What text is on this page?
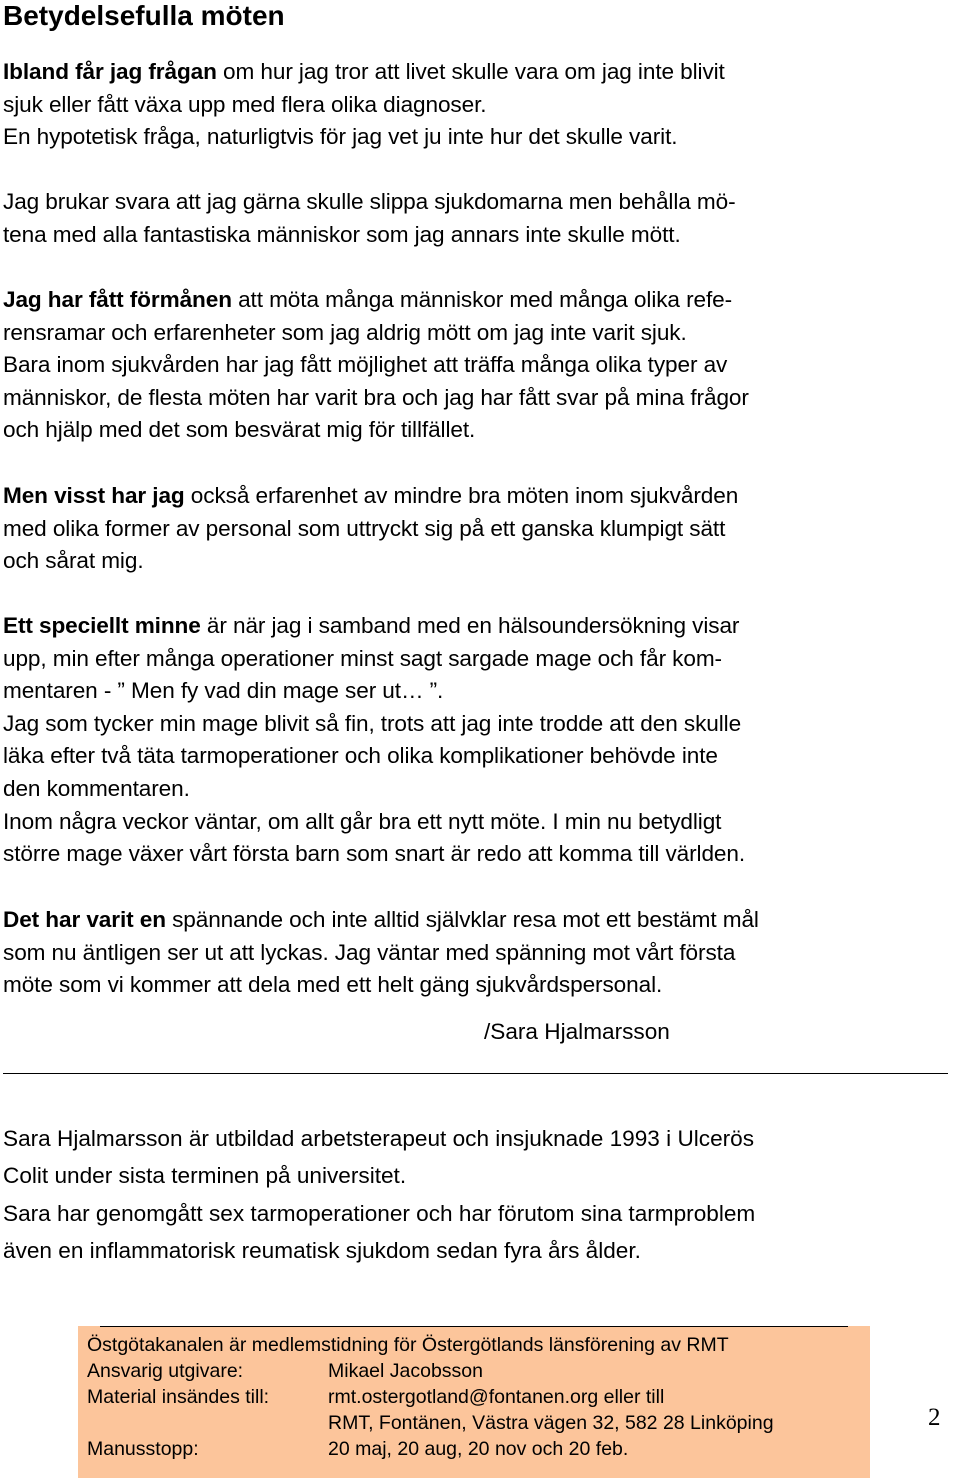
Betydelsefulla möten
Ibland får jag frågan om hur jag tror att livet skulle vara om jag inte blivit
sjuk eller fått växa upp med flera olika diagnoser.
En hypotetisk fråga, naturligtvis för jag vet ju inte hur det skulle varit.
Jag brukar svara att jag gärna skulle slippa sjukdomarna men behålla mö-
tena med alla fantastiska människor som jag annars inte skulle mött.
Jag har fått förmånen att möta många människor med många olika refe-
rensramar och erfarenheter som jag aldrig mött om jag inte varit sjuk.
Bara inom sjukvården har jag fått möjlighet att träffa många olika typer av
människor, de flesta möten har varit bra och jag har fått svar på mina frågor
och hjälp med det som besvärat mig för tillfället.
Men visst har jag också erfarenhet av mindre bra möten inom sjukvården
med olika former av personal som uttryckt sig på ett ganska klumpigt sätt
och sårat mig.
Ett speciellt minne är när jag i samband med en hälsoundersökning visar
upp, min efter många operationer minst sagt sargade mage och får kom-
mentaren - ” Men fy vad din mage ser ut… ”.
Jag som tycker min mage blivit så fin, trots att jag inte trodde att den skulle
läka efter två täta tarmoperationer och olika komplikationer behövde inte
den kommentaren.
Inom några veckor väntar, om allt går bra ett nytt möte. I min nu betydligt
större mage växer vårt första barn som snart är redo att komma till världen.
Det har varit en spännande och inte alltid självklar resa mot ett bestämt mål
som nu äntligen ser ut att lyckas. Jag väntar med spänning mot vårt första
möte som vi kommer att dela med ett helt gäng sjukvårdspersonal.
/Sara Hjalmarsson
Sara Hjalmarsson är utbildad arbetsterapeut och insjuknade 1993 i Ulcerös
Colit under sista terminen på universitet.
Sara har genomgått sex tarmoperationer och har förutom sina tarmproblem
även en inflammatorisk reumatisk sjukdom sedan fyra års ålder.
Östgötakanalen är medlemstidning för Östergötlands länsförening av RMT
Ansvarig utgivare:	Mikael Jacobsson
Material insändes till:	rmt.ostergotland@fontanen.org eller till
RMT, Fontänen, Västra vägen 32, 582 28 Linköping
Manusstopp:	20 maj, 20 aug, 20 nov och 20 feb.
2
